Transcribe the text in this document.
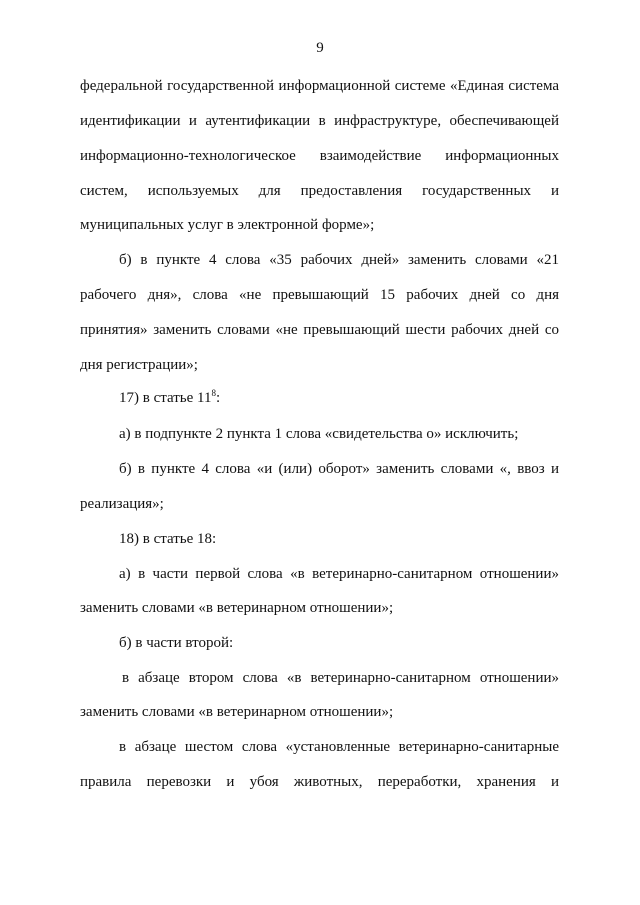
9
федеральной государственной информационной системе «Единая система
идентификации и аутентификации в инфраструктуре, обеспечивающей
информационно-технологическое взаимодействие информационных
систем, используемых для предоставления государственных и
муниципальных услуг в электронной форме»;
б) в пункте 4 слова «35 рабочих дней» заменить словами «21
рабочего дня», слова «не превышающий 15 рабочих дней со дня
принятия» заменить словами «не превышающий шести рабочих дней со
дня регистрации»;
17) в статье $11^8$:
а) в подпункте 2 пункта 1 слова «свидетельства о» исключить;
б) в пункте 4 слова «и (или) оборот» заменить словами «, ввоз и
реализация»;
18) в статье 18:
а) в части первой слова «в ветеринарно-санитарном отношении»
заменить словами «в ветеринарном отношении»;
б) в части второй:
в абзаце втором слова «в ветеринарно-санитарном отношении»
заменить словами «в ветеринарном отношении»;
в абзаце шестом слова «установленные ветеринарно-санитарные
правила перевозки и убоя животных, переработки, хранения и
